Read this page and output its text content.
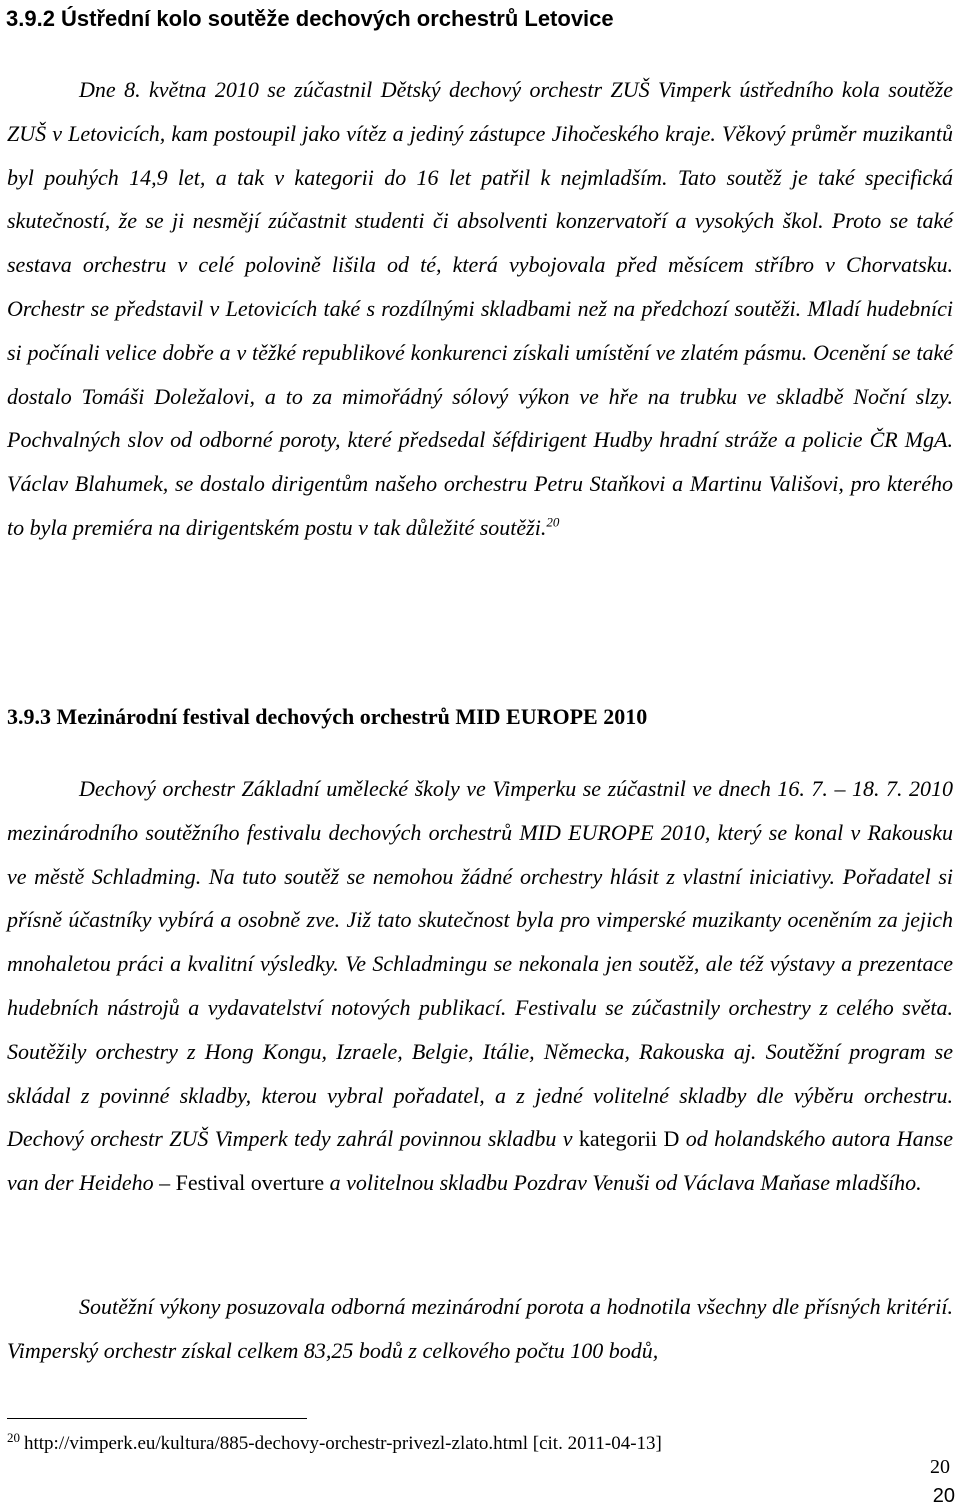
3.9.2 Ústřední kolo soutěže dechových orchestrů Letovice

Dne 8. května 2010 se zúčastnil Dětský dechový orchestr ZUŠ Vimperk ústředního kola soutěže ZUŠ v Letovicích, kam postoupil jako vítěz a jediný zástupce Jihočeského kraje. Věkový průměr muzikantů byl pouhých 14,9 let, a tak v kategorii do 16 let patřil k nejmladším. Tato soutěž je také specifická skutečností, že se ji nesmějí zúčastnit studenti či absolventi konzervatoří a vysokých škol. Proto se také sestava orchestru v celé polovině lišila od té, která vybojovala před měsícem stříbro v Chorvatsku. Orchestr se představil v Letovicích také s rozdílnými skladbami než na předchozí soutěži. Mladí hudebníci si počínali velice dobře a v těžké republikové konkurenci získali umístění ve zlatém pásmu. Ocenění se také dostalo Tomáši Doležalovi, a to za mimořádný sólový výkon ve hře na trubku ve skladbě Noční slzy. Pochvalných slov od odborné poroty, které předsedal šéfdirigent Hudby hradní stráže a policie ČR MgA. Václav Blahumek, se dostalo dirigentům našeho orchestru Petru Staňkovi a Martinu Vališovi, pro kterého to byla premiéra na dirigentském postu v tak důležité soutěži.$^{20}$

3.9.3 Mezinárodní festival dechových orchestrů MID EUROPE 2010

Dechový orchestr Základní umělecké školy ve Vimperku se zúčastnil ve dnech 16. 7. – 18. 7. 2010 mezinárodního soutěžního festivalu dechových orchestrů MID EUROPE 2010, který se konal v Rakousku ve městě Schladming. Na tuto soutěž se nemohou žádné orchestry hlásit z vlastní iniciativy. Pořadatel si přísně účastníky vybírá a osobně zve. Již tato skutečnost byla pro vimperské muzikanty oceněním za jejich mnohaletou práci a kvalitní výsledky. Ve Schladmingu se nekonala jen soutěž, ale též výstavy a prezentace hudebních nástrojů a vydavatelství notových publikací. Festivalu se zúčastnily orchestry z celého světa. Soutěžily orchestry z Hong Kongu, Izraele, Belgie, Itálie, Německa, Rakouska aj. Soutěžní program se skládal z povinné skladby, kterou vybral pořadatel, a z jedné volitelné skladby dle výběru orchestru. Dechový orchestr ZUŠ Vimperk tedy zahrál povinnou skladbu v kategorii D od holandského autora Hanse van der Heideho – Festival overture a volitelnou skladbu Pozdrav Venuši od Václava Maňase mladšího.

Soutěžní výkony posuzovala odborná mezinárodní porota a hodnotila všechny dle přísných kritérií. Vimperský orchestr získal celkem 83,25 bodů z celkového počtu 100 bodů,

$^{20}$ http://vimperk.eu/kultura/885-dechovy-orchestr-privezl-zlato.html [cit. 2011-04-13]
20
20
